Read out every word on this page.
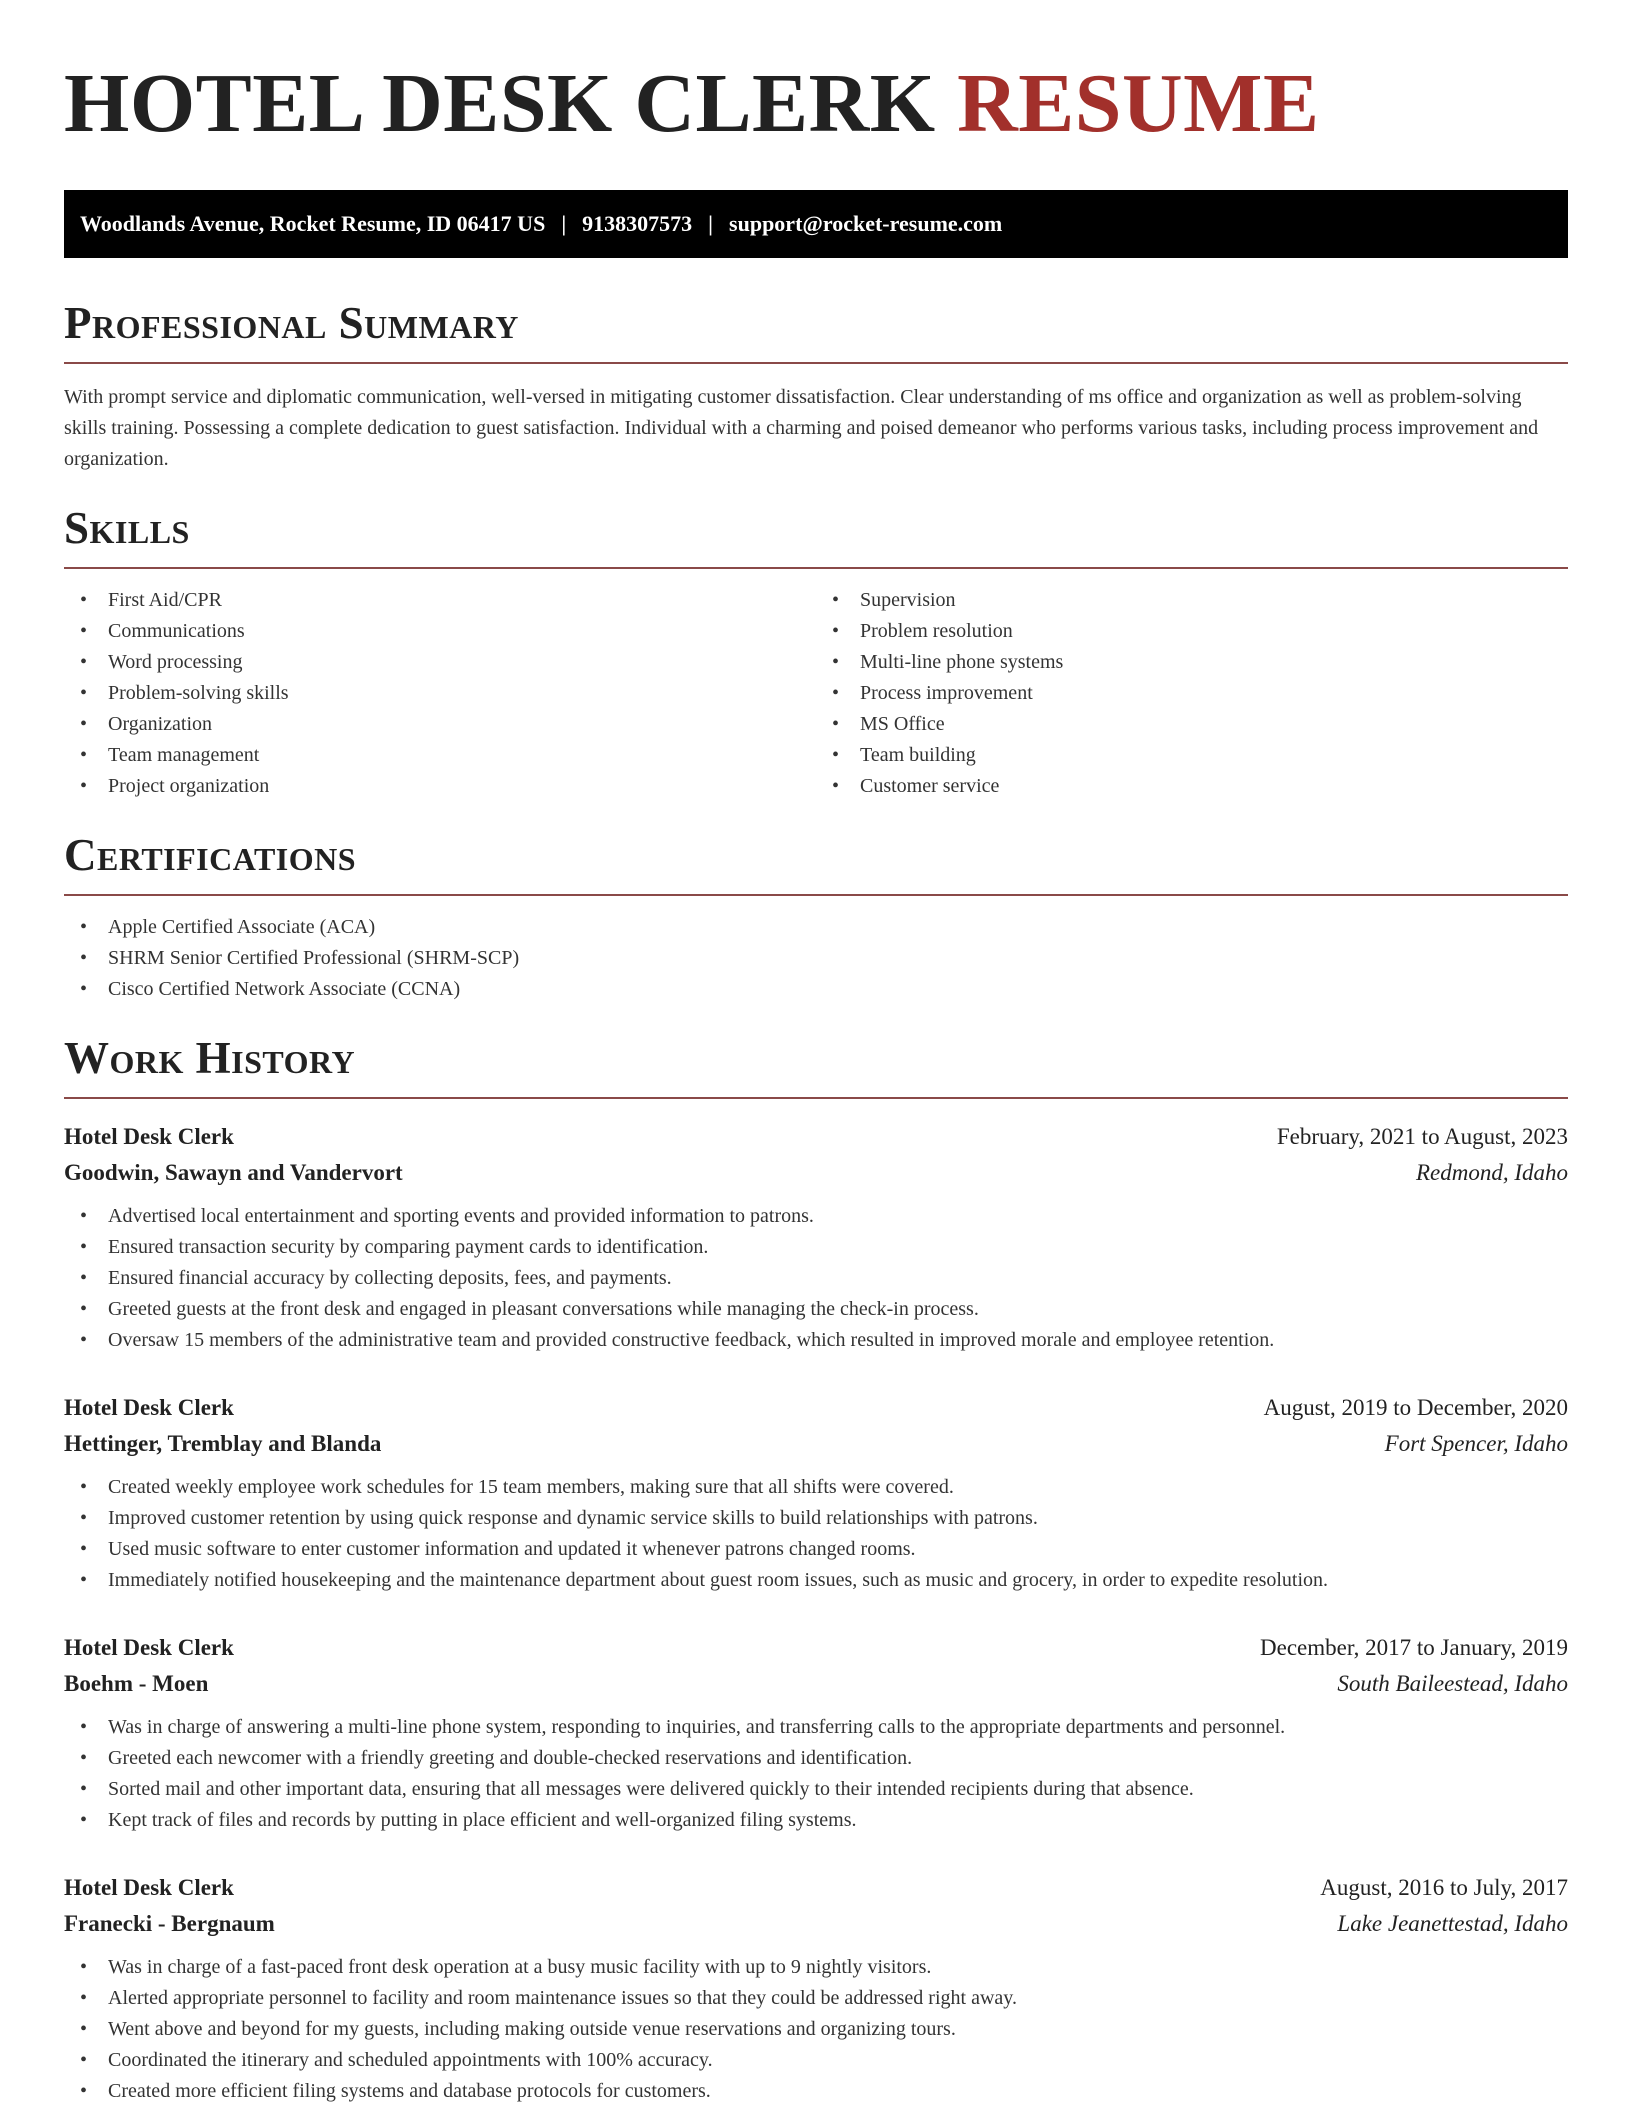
HOTEL DESK CLERK RESUME
Woodlands Avenue, Rocket Resume, ID 06417 US | 9138307573 | support@rocket-resume.com
Professional Summary

With prompt service and diplomatic communication, well-versed in mitigating customer dissatisfaction. Clear understanding of ms office and organization as well as problem-solving skills training. Possessing a complete dedication to guest satisfaction. Individual with a charming and poised demeanor who performs various tasks, including process improvement and organization.

Skills
• First Aid/CPR
• Communications
• Word processing
• Problem-solving skills
• Organization
• Team management
• Project organization
• Supervision
• Problem resolution
• Multi-line phone systems
• Process improvement
• MS Office
• Team building
• Customer service
Certifications
• Apple Certified Associate (ACA)
• SHRM Senior Certified Professional (SHRM-SCP)
• Cisco Certified Network Associate (CCNA)
Work History
Hotel Desk Clerk	February, 2021 to August, 2023
Goodwin, Sawayn and Vandervort	Redmond, Idaho
• Advertised local entertainment and sporting events and provided information to patrons.
• Ensured transaction security by comparing payment cards to identification.
• Ensured financial accuracy by collecting deposits, fees, and payments.
• Greeted guests at the front desk and engaged in pleasant conversations while managing the check-in process.
• Oversaw 15 members of the administrative team and provided constructive feedback, which resulted in improved morale and employee retention.
Hotel Desk Clerk	August, 2019 to December, 2020
Hettinger, Tremblay and Blanda	Fort Spencer, Idaho
• Created weekly employee work schedules for 15 team members, making sure that all shifts were covered.
• Improved customer retention by using quick response and dynamic service skills to build relationships with patrons.
• Used music software to enter customer information and updated it whenever patrons changed rooms.
• Immediately notified housekeeping and the maintenance department about guest room issues, such as music and grocery, in order to expedite resolution.
Hotel Desk Clerk	December, 2017 to January, 2019
Boehm - Moen	South Baileestead, Idaho
• Was in charge of answering a multi-line phone system, responding to inquiries, and transferring calls to the appropriate departments and personnel.
• Greeted each newcomer with a friendly greeting and double-checked reservations and identification.
• Sorted mail and other important data, ensuring that all messages were delivered quickly to their intended recipients during that absence.
• Kept track of files and records by putting in place efficient and well-organized filing systems.
Hotel Desk Clerk	August, 2016 to July, 2017
Franecki - Bergnaum	Lake Jeanettestad, Idaho
• Was in charge of a fast-paced front desk operation at a busy music facility with up to 9 nightly visitors.
• Alerted appropriate personnel to facility and room maintenance issues so that they could be addressed right away.
• Went above and beyond for my guests, including making outside venue reservations and organizing tours.
• Coordinated the itinerary and scheduled appointments with 100% accuracy.
• Created more efficient filing systems and database protocols for customers.
